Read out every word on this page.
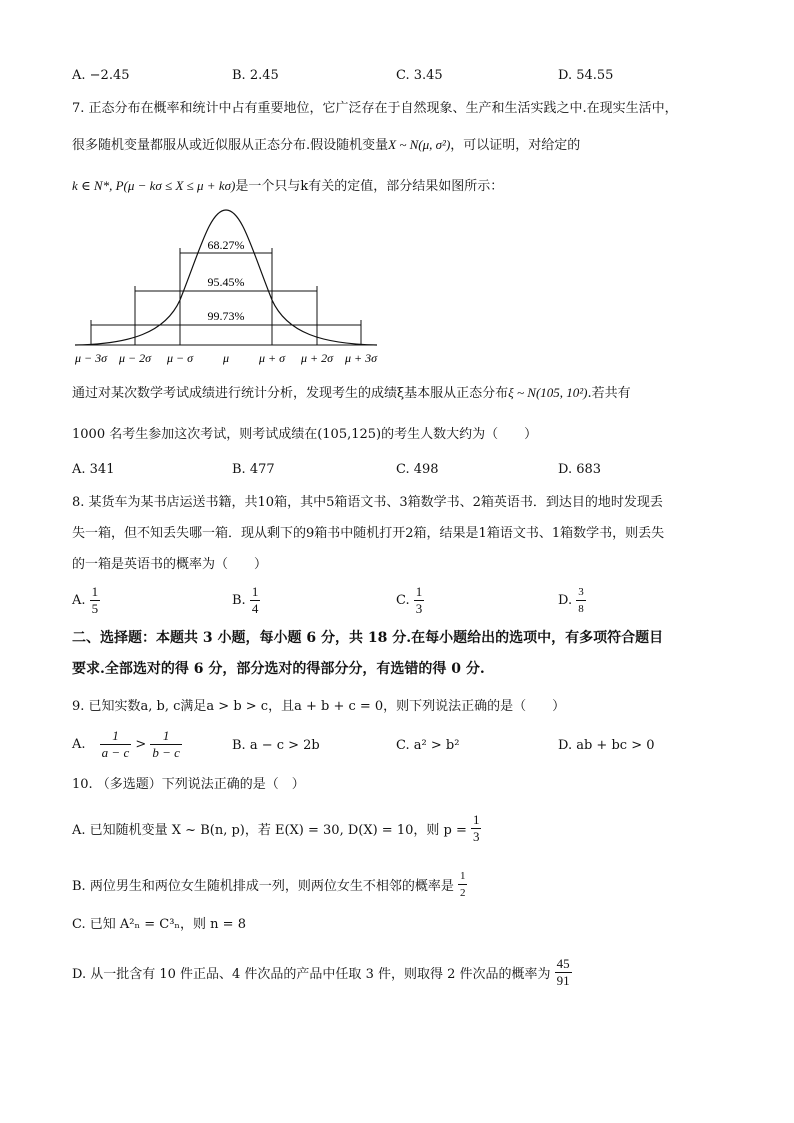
A. −2.45	B. 2.45	C. 3.45	D. 54.55
7. 正态分布在概率和统计中占有重要地位，它广泛存在于自然现象、生产和生活实践之中.在现实生活中，
很多随机变量都服从或近似服从正态分布.假设随机变量X ~ N(μ, σ²)，可以证明，对给定的
k ∈ N*, P(μ − kσ ≤ X ≤ μ + kσ)是一个只与k有关的定值，部分结果如图所示：
68.27%
95.45%
99.73%
μ − 3σ μ − 2σ μ − σ μ μ + σ μ + 2σ μ + 3σ
通过对某次数学考试成绩进行统计分析，发现考生的成绩ξ基本服从正态分布ξ ~ N(105, 10²).若共有
1000 名考生参加这次考试，则考试成绩在(105,125)的考生人数大约为（　　）
A. 341	B. 477	C. 498	D. 683
8. 某货车为某书店运送书籍，共10箱，其中5箱语文书、3箱数学书、2箱英语书．到达目的地时发现丢
失一箱，但不知丢失哪一箱．现从剩下的9箱书中随机打开2箱，结果是1箱语文书、1箱数学书，则丢失
的一箱是英语书的概率为（　　）
A. $\frac{1}{5}$	B. $\frac{1}{4}$	C. $\frac{1}{3}$	D. $\frac{3}{8}$
二、选择题：本题共 3 小题，每小题 6 分，共 18 分.在每小题给出的选项中，有多项符合题目
要求.全部选对的得 6 分，部分选对的得部分分，有选错的得 0 分.
9. 已知实数a, b, c满足a > b > c，且a + b + c = 0，则下列说法正确的是（　　）
A. $\frac{1}{a - c} > \frac{1}{b - c}$	B. a − c > 2b	C. a² > b²	D. ab + bc > 0
10. （多选题）下列说法正确的是（　）
A. 已知随机变量 X ~ B(n, p)，若 E(X) = 30, D(X) = 10，则 $p = \frac{1}{3}$
B. 两位男生和两位女生随机排成一列，则两位女生不相邻的概率是 $\frac{1}{2}$
C. 已知 A²ₙ = C³ₙ，则 n = 8
D. 从一批含有 10 件正品、4 件次品的产品中任取 3 件，则取得 2 件次品的概率为 $\frac{45}{91}$
